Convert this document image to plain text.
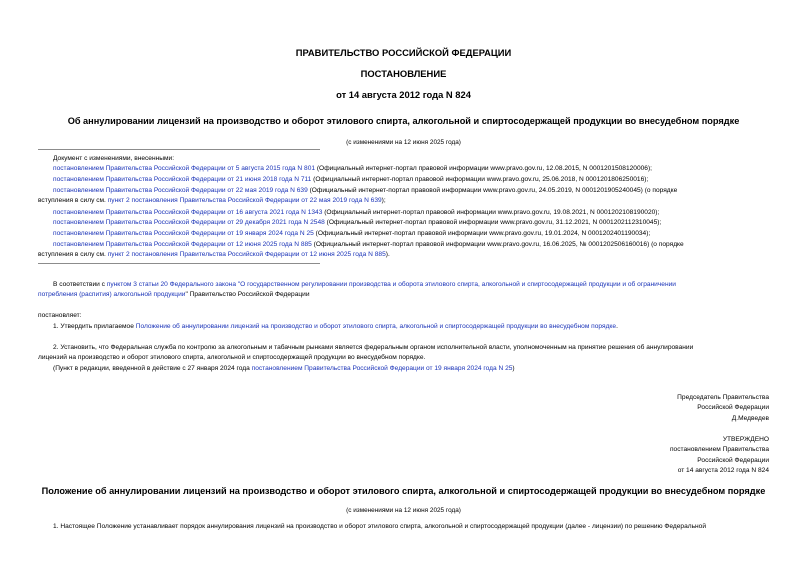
ПРАВИТЕЛЬСТВО РОССИЙСКОЙ ФЕДЕРАЦИИ
ПОСТАНОВЛЕНИЕ
от 14 августа 2012 года N 824
Об аннулировании лицензий на производство и оборот этилового спирта, алкогольной и спиртосодержащей продукции во внесудебном порядке
(с изменениями на 12 июня 2025 года)
Документ с изменениями, внесенными:
постановлением Правительства Российской Федерации от 5 августа 2015 года N 801 (Официальный интернет-портал правовой информации www.pravo.gov.ru, 12.08.2015, N 0001201508120006);
постановлением Правительства Российской Федерации от 21 июня 2018 года N 711 (Официальный интернет-портал правовой информации www.pravo.gov.ru, 25.06.2018, N 0001201806250016);
постановлением Правительства Российской Федерации от 22 мая 2019 года N 639 (Официальный интернет-портал правовой информации www.pravo.gov.ru, 24.05.2019, N 0001201905240045) (о порядке
вступления в силу см. пункт 2 постановления Правительства Российской Федерации от 22 мая 2019 года N 639);
постановлением Правительства Российской Федерации от 16 августа 2021 года N 1343 (Официальный интернет-портал правовой информации www.pravo.gov.ru, 19.08.2021, N 0001202108190020);
постановлением Правительства Российской Федерации от 29 декабря 2021 года N 2548 (Официальный интернет-портал правовой информации www.pravo.gov.ru, 31.12.2021, N 0001202112310045);
постановлением Правительства Российской Федерации от 19 января 2024 года N 25 (Официальный интернет-портал правовой информации www.pravo.gov.ru, 19.01.2024, N 0001202401190034);
постановлением Правительства Российской Федерации от 12 июня 2025 года N 885 (Официальный интернет-портал правовой информации www.pravo.gov.ru, 16.06.2025, № 0001202506160016) (о порядке
вступления в силу см. пункт 2 постановления Правительства Российской Федерации от 12 июня 2025 года N 885).
В соответствии с пунктом 3 статьи 20 Федерального закона "О государственном регулировании производства и оборота этилового спирта, алкогольной и спиртосодержащей продукции и об ограничении
потребления (распития) алкогольной продукции" Правительство Российской Федерации
постановляет:
1. Утвердить прилагаемое Положение об аннулировании лицензий на производство и оборот этилового спирта, алкогольной и спиртосодержащей продукции во внесудебном порядке.
2. Установить, что Федеральная служба по контролю за алкогольным и табачным рынками является федеральным органом исполнительной власти, уполномоченным на принятие решения об аннулировании
лицензий на производство и оборот этилового спирта, алкогольной и спиртосодержащей продукции во внесудебном порядке.
(Пункт в редакции, введенной в действие с 27 января 2024 года постановлением Правительства Российской Федерации от 19 января 2024 года N 25)
Председатель Правительства
Российской Федерации
Д.Медведев
УТВЕРЖДЕНО
постановлением Правительства
Российской Федерации
от 14 августа 2012 года N 824
Положение об аннулировании лицензий на производство и оборот этилового спирта, алкогольной и спиртосодержащей продукции во внесудебном порядке
(с изменениями на 12 июня 2025 года)
1. Настоящее Положение устанавливает порядок аннулирования лицензий на производство и оборот этилового спирта, алкогольной и спиртосодержащей продукции (далее - лицензии) по решению Федеральной
